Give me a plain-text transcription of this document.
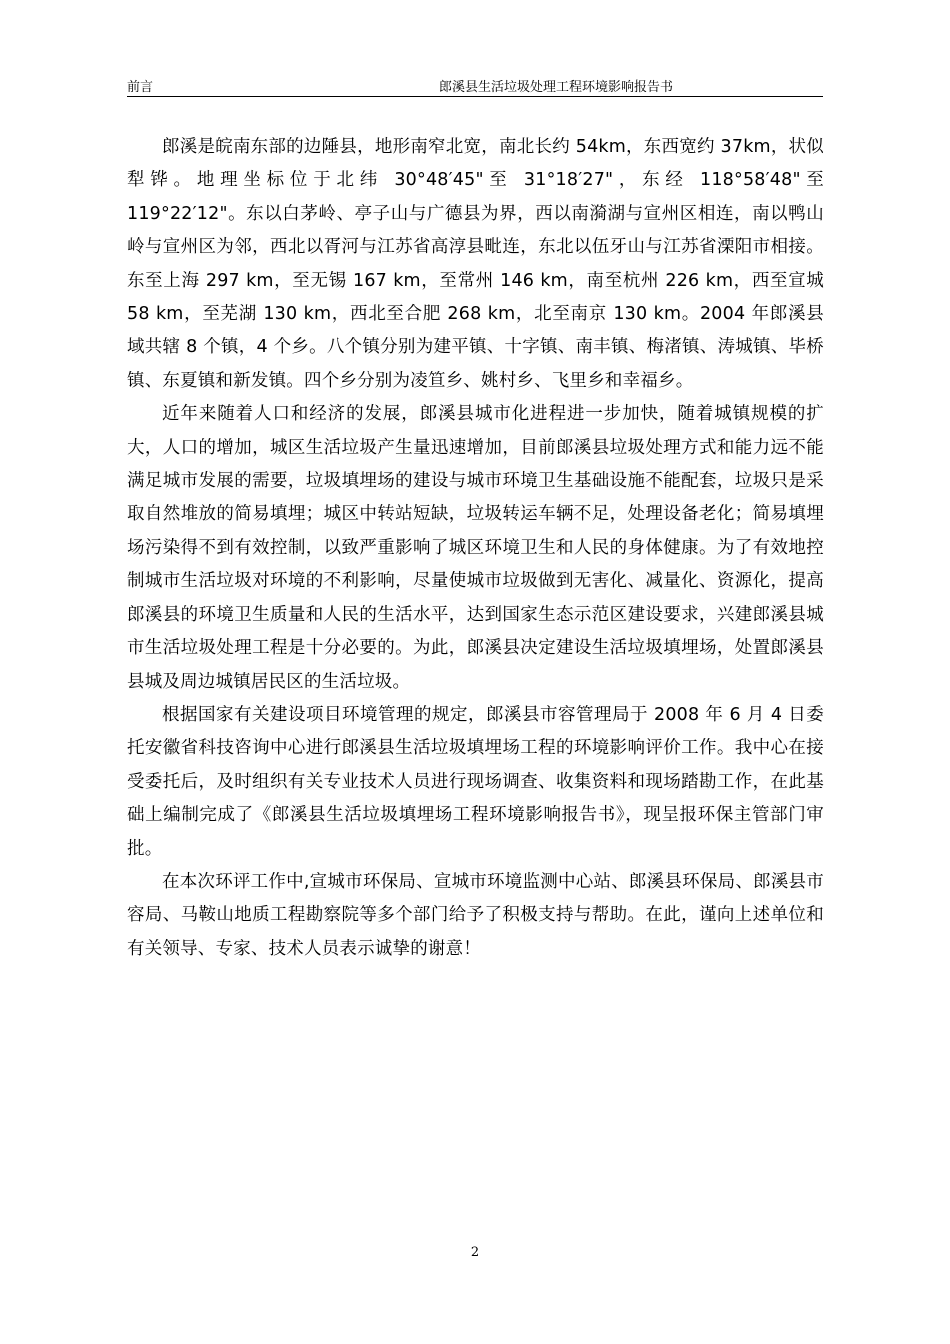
前言	郎溪县生活垃圾处理工程环境影响报告书

郎溪是皖南东部的边陲县，地形南窄北宽，南北长约 54km，东西宽约 37km，状似犁铧。地理坐标位于北纬 30°48′45"至 31°18′27"，东经 118°58′48"至 119°22′12"。东以白茅岭、亭子山与广德县为界，西以南漪湖与宣州区相连，南以鸭山岭与宣州区为邻，西北以胥河与江苏省高淳县毗连，东北以伍牙山与江苏省溧阳市相接。东至上海 297 km，至无锡 167 km，至常州 146 km，南至杭州 226 km，西至宣城 58 km，至芜湖 130 km，西北至合肥 268 km，北至南京 130 km。2004 年郎溪县域共辖 8 个镇，4 个乡。八个镇分别为建平镇、十字镇、南丰镇、梅渚镇、涛城镇、毕桥镇、东夏镇和新发镇。四个乡分别为凌笪乡、姚村乡、飞里乡和幸福乡。

近年来随着人口和经济的发展，郎溪县城市化进程进一步加快，随着城镇规模的扩大，人口的增加，城区生活垃圾产生量迅速增加，目前郎溪县垃圾处理方式和能力远不能满足城市发展的需要，垃圾填埋场的建设与城市环境卫生基础设施不能配套，垃圾只是采取自然堆放的简易填埋；城区中转站短缺，垃圾转运车辆不足，处理设备老化；简易填埋场污染得不到有效控制，以致严重影响了城区环境卫生和人民的身体健康。为了有效地控制城市生活垃圾对环境的不利影响，尽量使城市垃圾做到无害化、减量化、资源化，提高郎溪县的环境卫生质量和人民的生活水平，达到国家生态示范区建设要求，兴建郎溪县城市生活垃圾处理工程是十分必要的。为此，郎溪县决定建设生活垃圾填埋场，处置郎溪县县城及周边城镇居民区的生活垃圾。

根据国家有关建设项目环境管理的规定，郎溪县市容管理局于 2008 年 6 月 4 日委托安徽省科技咨询中心进行郎溪县生活垃圾填埋场工程的环境影响评价工作。我中心在接受委托后，及时组织有关专业技术人员进行现场调查、收集资料和现场踏勘工作，在此基础上编制完成了《郎溪县生活垃圾填埋场工程环境影响报告书》，现呈报环保主管部门审批。

在本次环评工作中,宣城市环保局、宣城市环境监测中心站、郎溪县环保局、郎溪县市容局、马鞍山地质工程勘察院等多个部门给予了积极支持与帮助。在此，谨向上述单位和有关领导、专家、技术人员表示诚挚的谢意！

2
